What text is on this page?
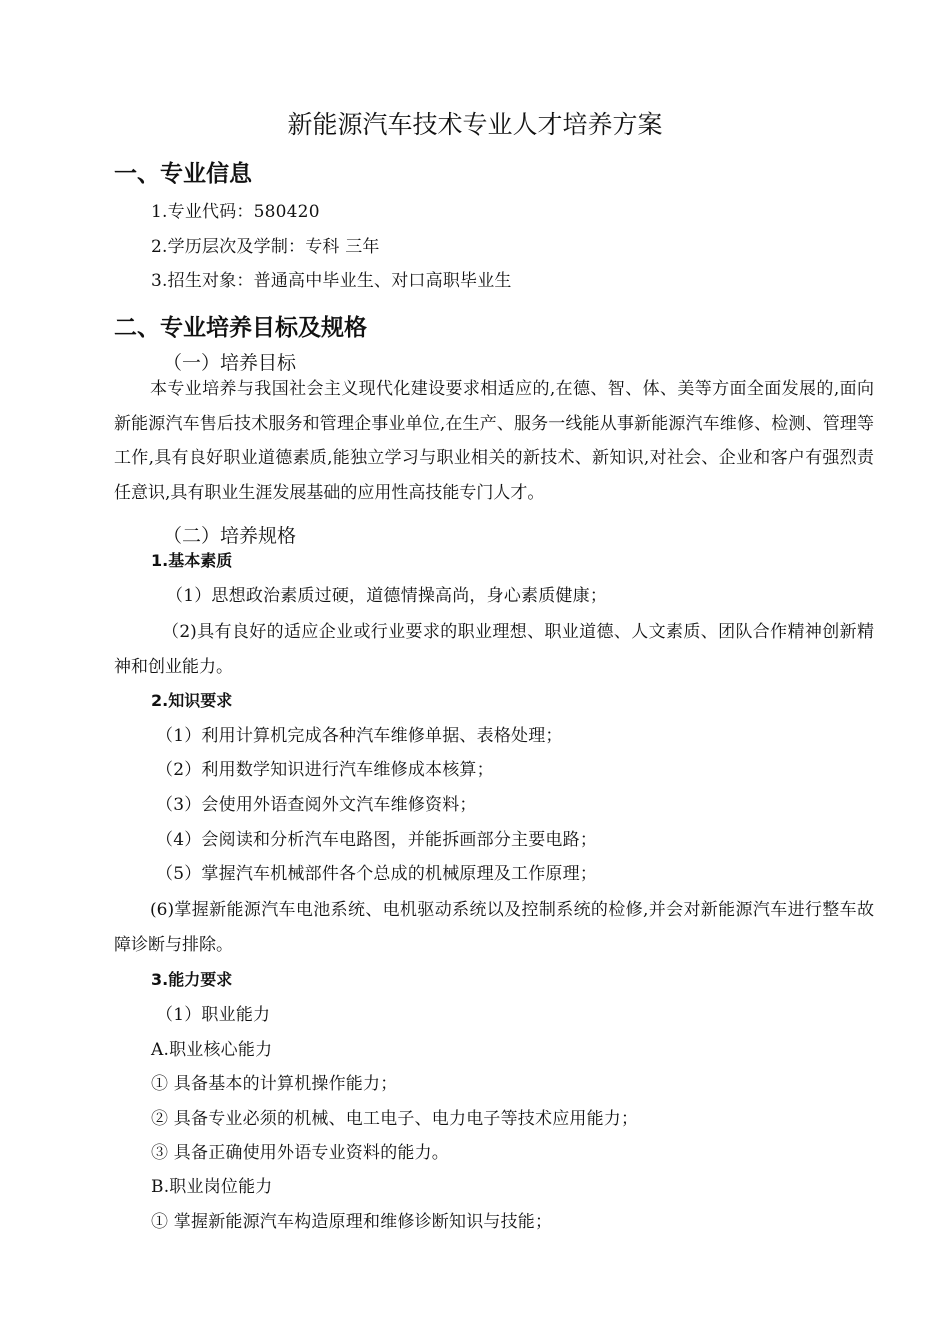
新能源汽车技术专业人才培养方案
一、专业信息
1.专业代码：580420
2.学历层次及学制：专科 三年
3.招生对象：普通高中毕业生、对口高职毕业生
二、专业培养目标及规格
（一）培养目标
本专业培养与我国社会主义现代化建设要求相适应的,在德、智、体、美等方面全面发展的,面向新能源汽车售后技术服务和管理企事业单位,在生产、服务一线能从事新能源汽车维修、检测、管理等工作,具有良好职业道德素质,能独立学习与职业相关的新技术、新知识,对社会、企业和客户有强烈责任意识,具有职业生涯发展基础的应用性高技能专门人才。
（二）培养规格
1.基本素质
（1）思想政治素质过硬，道德情操高尚，身心素质健康；
（2)具有良好的适应企业或行业要求的职业理想、职业道德、人文素质、团队合作精神创新精神和创业能力。
2.知识要求
（1）利用计算机完成各种汽车维修单据、表格处理；
（2）利用数学知识进行汽车维修成本核算；
（3）会使用外语查阅外文汽车维修资料；
（4）会阅读和分析汽车电路图，并能拆画部分主要电路；
（5）掌握汽车机械部件各个总成的机械原理及工作原理；
(6)掌握新能源汽车电池系统、电机驱动系统以及控制系统的检修,并会对新能源汽车进行整车故障诊断与排除。
3.能力要求
（1）职业能力
A.职业核心能力
① 具备基本的计算机操作能力；
② 具备专业必须的机械、电工电子、电力电子等技术应用能力；
③ 具备正确使用外语专业资料的能力。
B.职业岗位能力
① 掌握新能源汽车构造原理和维修诊断知识与技能；
